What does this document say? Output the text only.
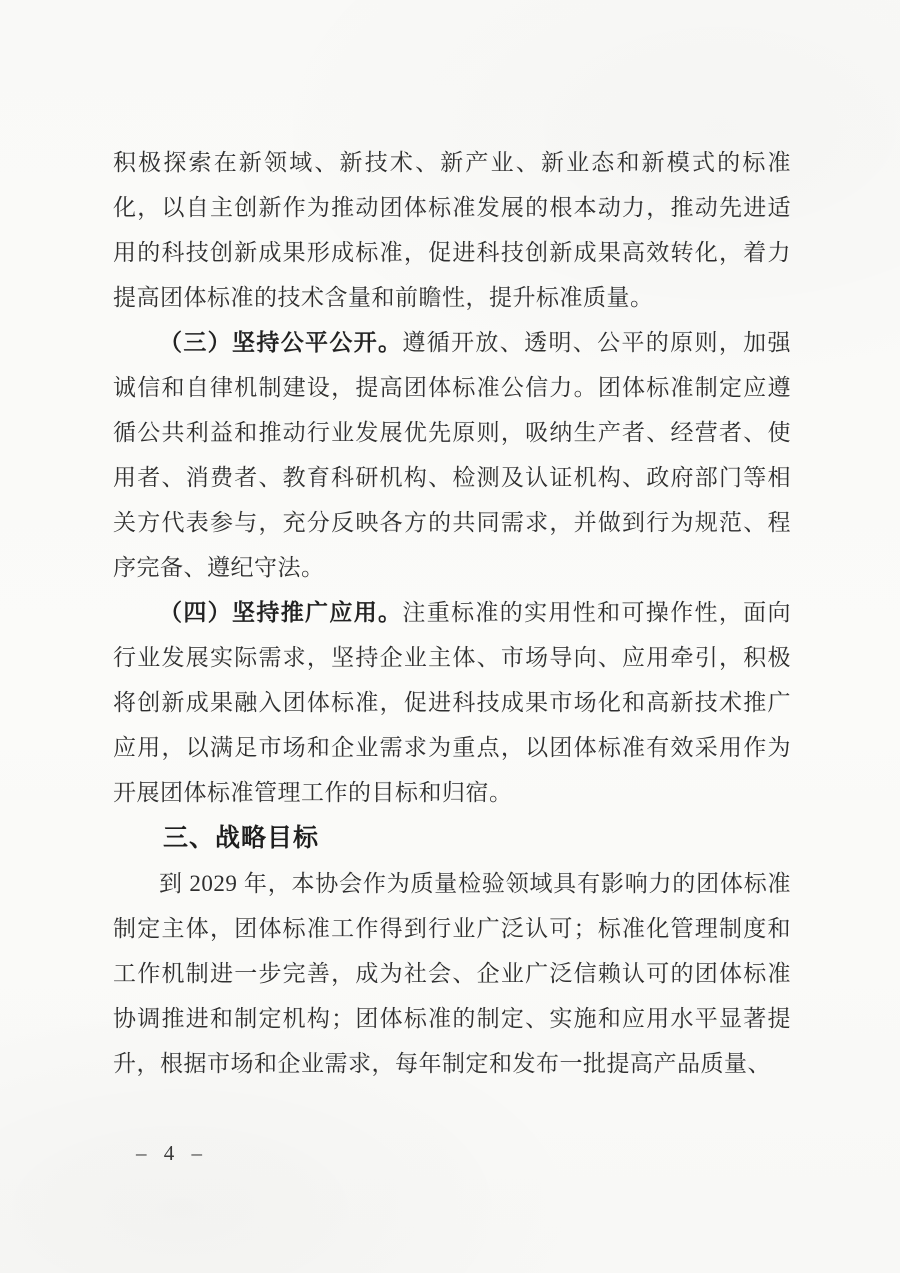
积极探索在新领域、新技术、新产业、新业态和新模式的标准化，以自主创新作为推动团体标准发展的根本动力，推动先进适用的科技创新成果形成标准，促进科技创新成果高效转化，着力提高团体标准的技术含量和前瞻性，提升标准质量。

（三）坚持公平公开。遵循开放、透明、公平的原则，加强诚信和自律机制建设，提高团体标准公信力。团体标准制定应遵循公共利益和推动行业发展优先原则，吸纳生产者、经营者、使用者、消费者、教育科研机构、检测及认证机构、政府部门等相关方代表参与，充分反映各方的共同需求，并做到行为规范、程序完备、遵纪守法。

（四）坚持推广应用。注重标准的实用性和可操作性，面向行业发展实际需求，坚持企业主体、市场导向、应用牵引，积极将创新成果融入团体标准，促进科技成果市场化和高新技术推广应用，以满足市场和企业需求为重点，以团体标准有效采用作为开展团体标准管理工作的目标和归宿。

三、战略目标

到 2029 年，本协会作为质量检验领域具有影响力的团体标准制定主体，团体标准工作得到行业广泛认可；标准化管理制度和工作机制进一步完善，成为社会、企业广泛信赖认可的团体标准协调推进和制定机构；团体标准的制定、实施和应用水平显著提升，根据市场和企业需求，每年制定和发布一批提高产品质量、

– 4 –
